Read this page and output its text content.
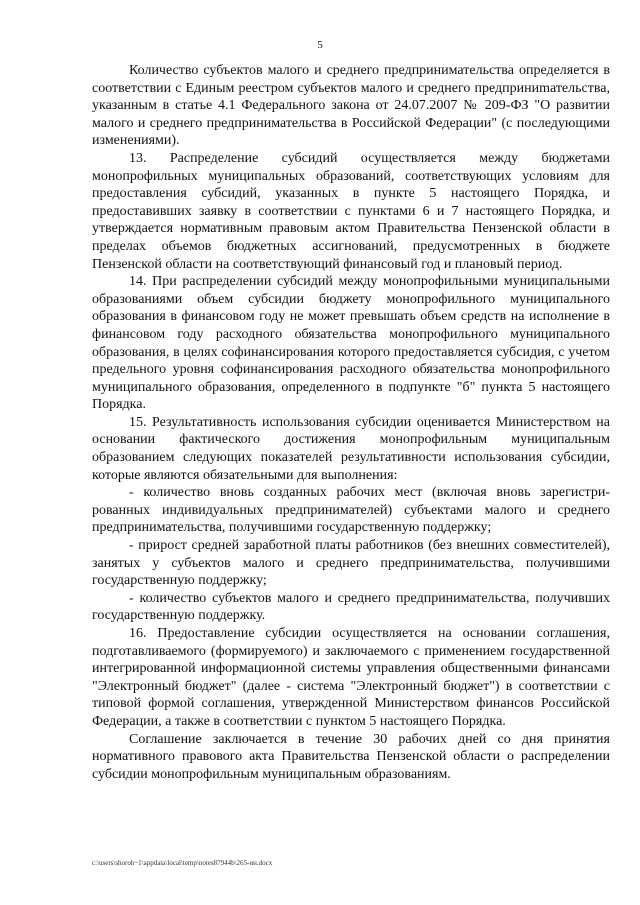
5

Количество субъектов малого и среднего предпринимательства определяется в соответствии с Единым реестром субъектов малого и среднего предприниmательства, указанным в статье 4.1 Федерального закона от 24.07.2007 № 209-ФЗ "О развитии малого и среднего предпринимательства в Российской Федерации" (с последующими изменениями).

13. Распределение субсидий осуществляется между бюджетами монопрофильных муниципальных образований, соответствующих условиям для предоставления субсидий, указанных в пункте 5 настоящего Порядка, и предоставивших заявку в соответствии с пунктами 6 и 7 настоящего Порядка, и утверждается нормативным правовым актом Правительства Пензенской области в пределах объемов бюджетных ассигнований, предусмотренных в бюджете Пензенской области на соответствующий финансовый год и плановый период.

14. При распределении субсидий между монопрофильными муниципальными образованиями объем субсидии бюджету монопрофильного муниципального образования в финансовом году не может превышать объем средств на исполнение в финансовом году расходного обязательства монопрофильного муниципального образования, в целях софинансирования которого предоставляется субсидия, с учетом предельного уровня софинансирования расходного обязательства монопрофильного муниципального образования, определенного в подпункте "б" пункта 5 настоящего Порядка.

15. Результативность использования субсидии оценивается Министерством на основании фактического достижения монопрофильным муниципальным образованием следующих показателей результативности использования субсидии, которые являются обязательными для выполнения:

- количество вновь созданных рабочих мест (включая вновь зарегистрированных индивидуальных предпринимателей) субъектами малого и среднего предпринимательства, получившими государственную поддержку;

- прирост средней заработной платы работников (без внешних совместителей), занятых у субъектов малого и среднего предпринимательства, получившими государственную поддержку;

- количество субъектов малого и среднего предпринимательства, получивших государственную поддержку.

16. Предоставление субсидии осуществляется на основании соглашения, подготавливаемого (формируемого) и заключаемого с применением государственной интегрированной информационной системы управления общественными финансами "Электронный бюджет" (далее - система "Электронный бюджет") в соответствии с типовой формой соглашения, утвержденной Министерством финансов Российской Федерации, а также в соответствии с пунктом 5 настоящего Порядка.

Соглашение заключается в течение 30 рабочих дней со дня принятия нормативного правового акта Правительства Пензенской области о распределении субсидии монопрофильным муниципальным образованиям.

c:\users\shoroh~1\appdata\local\temp\notes87944b\265-ин.docx
